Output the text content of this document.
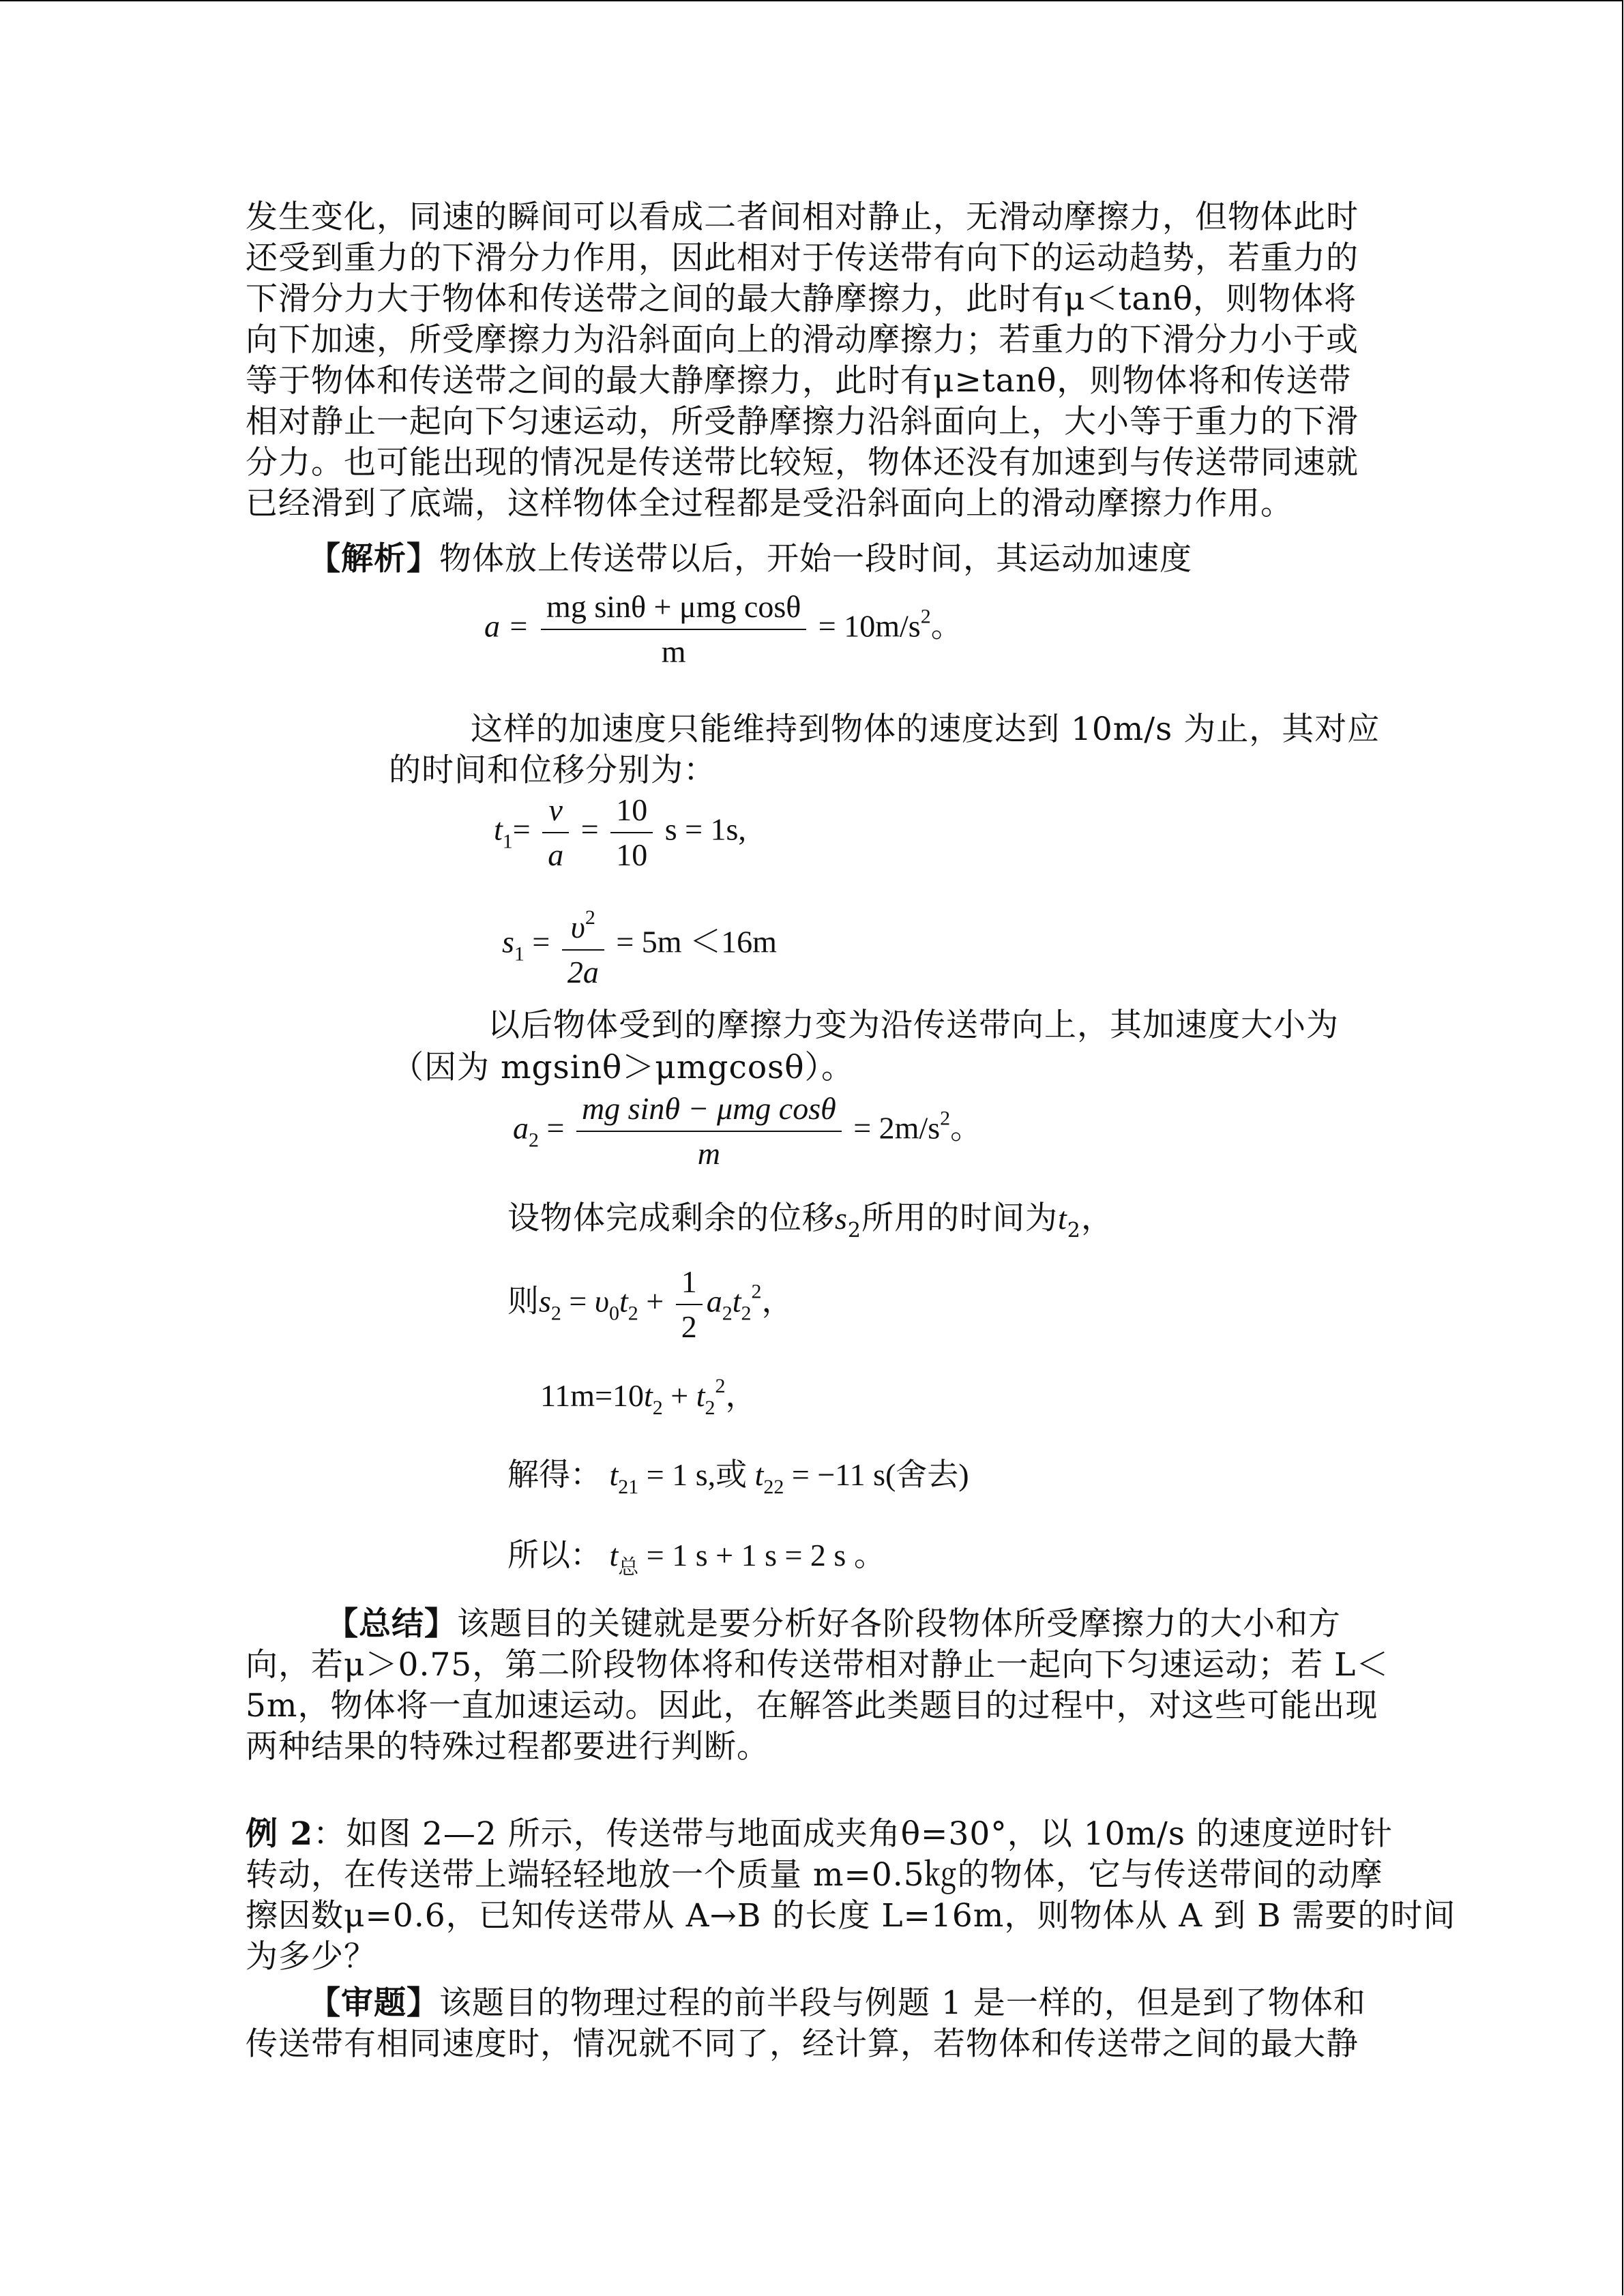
发生变化，同速的瞬间可以看成二者间相对静止，无滑动摩擦力，但物体此时
还受到重力的下滑分力作用，因此相对于传送带有向下的运动趋势，若重力的
下滑分力大于物体和传送带之间的最大静摩擦力，此时有μ＜tanθ，则物体将
向下加速，所受摩擦力为沿斜面向上的滑动摩擦力；若重力的下滑分力小于或
等于物体和传送带之间的最大静摩擦力，此时有μ≥tanθ，则物体将和传送带
相对静止一起向下匀速运动，所受静摩擦力沿斜面向上，大小等于重力的下滑
分力。也可能出现的情况是传送带比较短，物体还没有加速到与传送带同速就
已经滑到了底端，这样物体全过程都是受沿斜面向上的滑动摩擦力作用。
【解析】物体放上传送带以后，开始一段时间，其运动加速度
$a = \frac{\text{mg sinθ + μmg cosθ}}{m} = 10m/s^2$。
这样的加速度只能维持到物体的速度达到 10m/s 为止，其对应
的时间和位移分别为：
$t_1= \frac{v}{a} = \frac{10}{10}$ s = 1s,
$s_1 = \frac{\upsilon^2}{2a} = 5m <16m$
以后物体受到的摩擦力变为沿传送带向上，其加速度大小为
（因为 mgsinθ＞μmgcosθ）。
$a_2 = \frac{\text{mg sinθ − μmg cosθ}}{m} = 2m/s^2$。
设物体完成剩余的位移$s_2$所用的时间为$t_2$，
则$s_2 = \upsilon_0t_2 + \frac{1}{2} a_2t_2^2$，
$11m=10t_2 + t_2^2$，
解得： $t_{21} = 1$ s,或 $t_{22} = -11$ s(舍去)
所以： $t_总 = 1$ s + 1 s = 2 s 。
【总结】该题目的关键就是要分析好各阶段物体所受摩擦力的大小和方
向，若μ＞0.75，第二阶段物体将和传送带相对静止一起向下匀速运动；若 L＜
5m，物体将一直加速运动。因此，在解答此类题目的过程中，对这些可能出现
两种结果的特殊过程都要进行判断。
例 2：如图 2—2 所示，传送带与地面成夹角θ=30°，以 10m/s 的速度逆时针
转动，在传送带上端轻轻地放一个质量 m=0.5㎏的物体，它与传送带间的动摩
擦因数μ=0.6，已知传送带从 A→B 的长度 L=16m，则物体从 A 到 B 需要的时间
为多少？
【审题】该题目的物理过程的前半段与例题 1 是一样的，但是到了物体和
传送带有相同速度时，情况就不同了，经计算，若物体和传送带之间的最大静
